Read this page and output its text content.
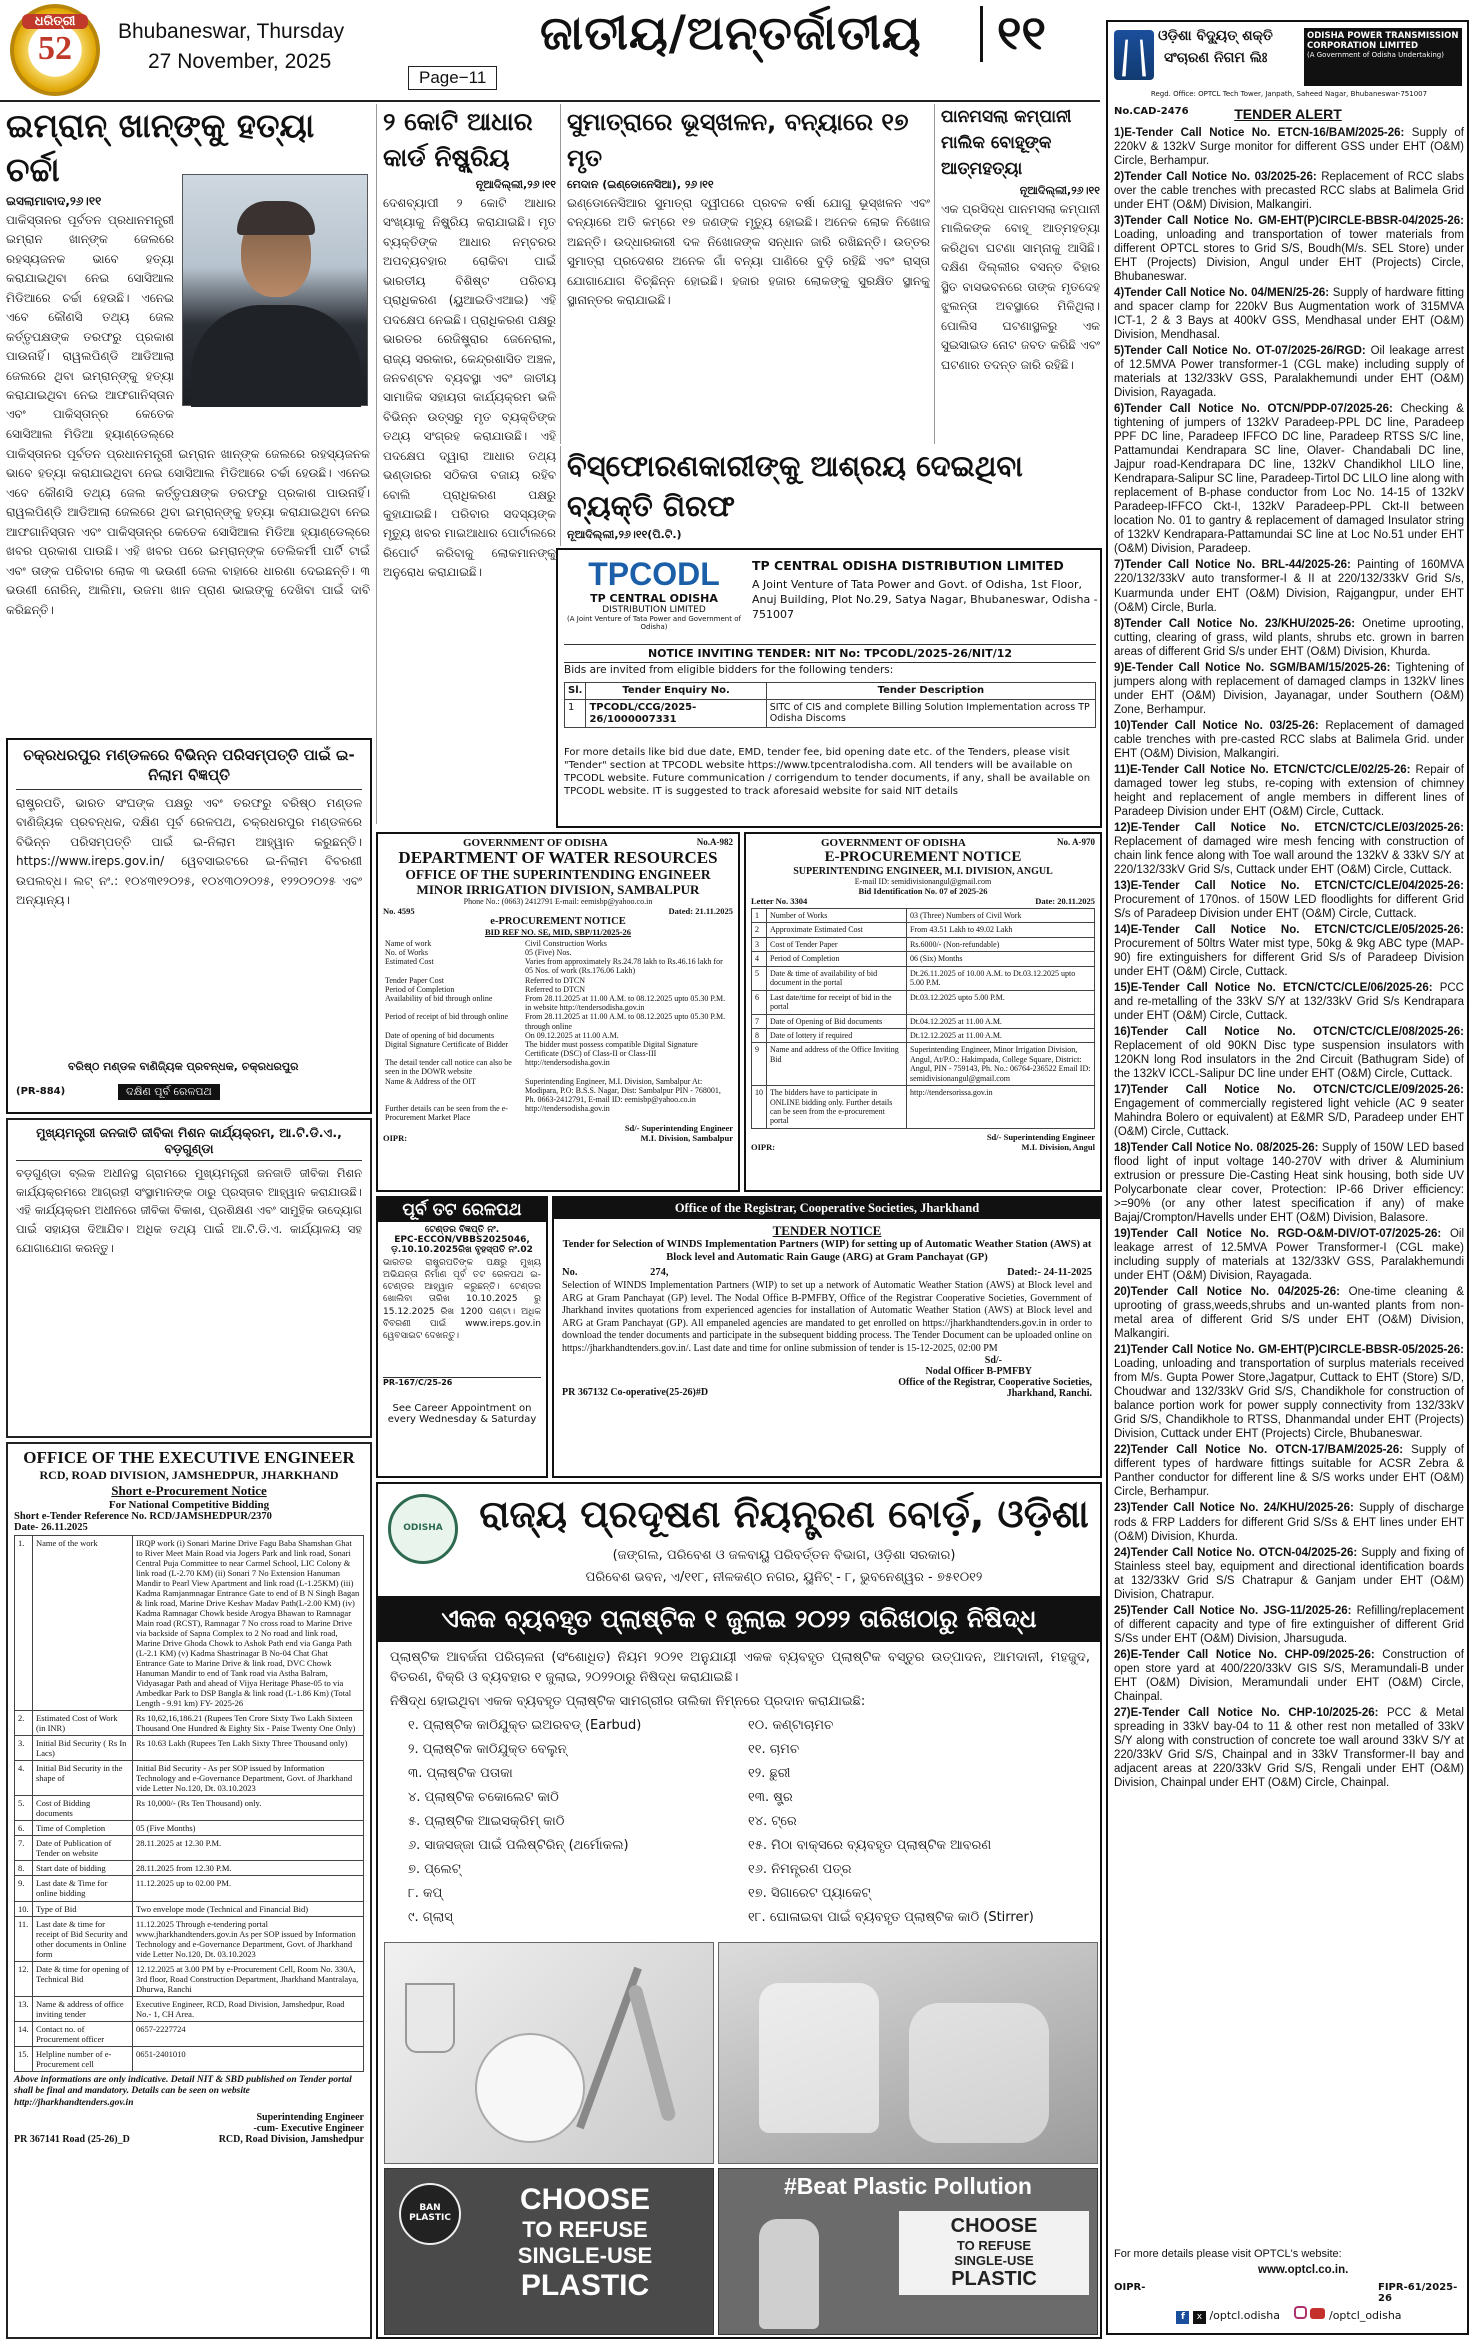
ଧରିତ୍ରୀ
52	Bhubaneswar, Thursday
27 November, 2025
Page−11
ଜାତୀୟ/ଅନ୍ତର୍ଜାତୀୟ	୧୧
ଇମ୍ରାନ୍ ଖାନ୍‌ଙ୍କୁ ହତ୍ୟା ଚର୍ଚ୍ଚା
ଇସଲାମାବାଦ,୨୬।୧୧
ପାକିସ୍ତାନର ପୂର୍ବତନ ପ୍ରଧାନମନ୍ତ୍ରୀ ଇମ୍ରାନ ଖାନ୍‌ଙ୍କ ଜେଲରେ ରହସ୍ୟଜନକ ଭାବେ ହତ୍ୟା କରାଯାଇଥିବା ନେଇ ସୋସିଆଲ ମିଡିଆରେ ଚର୍ଚ୍ଚା ହେଉଛି। ଏନେଇ ଏବେ କୌଣସି ତଥ୍ୟ ଜେଲ କର୍ତ୍ତୃପକ୍ଷଙ୍କ ତରଫରୁ ପ୍ରକାଶ ପାଉନାହିଁ। ରାୱଲପିଣ୍ଡି ଆଡିଆଲା ଜେଲରେ ଥିବା ଇମ୍ରାନ୍‌ଙ୍କୁ ହତ୍ୟା କରାଯାଇଥିବା ନେଇ ଆଫଗାନିସ୍ତାନ ଏବଂ ପାକିସ୍ତାନ୍‌ର କେତେକ ସୋସିଆଲ ମିଡିଆ ହ୍ୟାଣ୍ଡେଲ୍‌ରେ
ପାକିସ୍ତାନର ପୂର୍ବତନ ପ୍ରଧାନମନ୍ତ୍ରୀ ଇମ୍ରାନ ଖାନ୍‌ଙ୍କ ଜେଲରେ ରହସ୍ୟଜନକ ଭାବେ ହତ୍ୟା କରାଯାଇଥିବା ନେଇ ସୋସିଆଲ ମିଡିଆରେ ଚର୍ଚ୍ଚା ହେଉଛି। ଏନେଇ ଏବେ କୌଣସି ତଥ୍ୟ ଜେଲ କର୍ତ୍ତୃପକ୍ଷଙ୍କ ତରଫରୁ ପ୍ରକାଶ ପାଉନାହିଁ। ରାୱଲପିଣ୍ଡି ଆଡିଆଲା ଜେଲରେ ଥିବା ଇମ୍ରାନ୍‌ଙ୍କୁ ହତ୍ୟା କରାଯାଇଥିବା ନେଇ ଆଫଗାନିସ୍ତାନ ଏବଂ ପାକିସ୍ତାନ୍‌ର କେତେକ ସୋସିଆଲ ମିଡିଆ ହ୍ୟାଣ୍ଡେଲ୍‌ରେ ଖବର ପ୍ରକାଶ ପାଉଛି। ଏହି ଖବର ପରେ ଇମ୍ରାନ୍‌ଙ୍କ ତେଲିକର୍ମୀ ପାର୍ଟି ଟାଇଁ ଏବଂ ତାଙ୍କ ପରିବାର ଲୋକ ୩ ଭଉଣୀ ଜେଲ ବାହାରେ ଧାରଣା ଦେଇଛନ୍ତି। ୩ ଭଉଣୀ ନୋରିନ୍, ଆଲିମା, ଉଜମା ଖାନ ପ୍ରାଣ ଭାଇଙ୍କୁ ଦେଖିବା ପାଇଁ ଦାବି କରିଛନ୍ତି।
ଚକ୍ରଧରପୁର ମଣ୍ଡଳରେ ବିଭିନ୍ନ ପରିସମ୍ପତ୍ତି ପାଇଁ ଇ-ନିଲାମ ବିଜ୍ଞପ୍ତି
ରାଷ୍ଟ୍ରପତି, ଭାରତ ସଂଘଙ୍କ ପକ୍ଷରୁ ଏବଂ ତରଫରୁ ବରିଷ୍ଠ ମଣ୍ଡଳ ବାଣିଜ୍ୟିକ ପ୍ରବନ୍ଧକ, ଦକ୍ଷିଣ ପୂର୍ବ ରେଳପଥ, ଚକ୍ରଧରପୁର ମଣ୍ଡଳରେ ବିଭିନ୍ନ ପରିସମ୍ପତ୍ତି ପାଇଁ ଇ-ନିଲାମ ଆହ୍ୱାନ କରୁଛନ୍ତି। https://www.ireps.gov.in/ ୱେବସାଇଟରେ ଇ-ନିଲାମ ବିବରଣୀ ଉପଲବ୍ଧ। ଲଟ୍ ନଂ.: ୧୦୪୩୧୨୦୨୫, ୧୦୪୩୦୨୦୨୫, ୧୨୨୦୨୦୨୫ ଏବଂ ଅନ୍ୟାନ୍ୟ।
ବରିଷ୍ଠ ମଣ୍ଡଳ ବାଣିଜ୍ୟିକ ପ୍ରବନ୍ଧକ, ଚକ୍ରଧରପୁର
(PR-884)	ଦକ୍ଷିଣ ପୂର୍ବ ରେଳପଥ
ମୁଖ୍ୟମନ୍ତ୍ରୀ ଜନଜାତି ଜୀବିକା ମିଶନ କାର୍ଯ୍ୟକ୍ରମ, ଆ.ଟି.ଡି.ଏ., ବଡ଼ଗୁଣ୍ଡା
ବଡ଼ଗୁଣ୍ଡା ବ୍ଲକ ଅଧୀନସ୍ଥ ଗ୍ରାମରେ ମୁଖ୍ୟମନ୍ତ୍ରୀ ଜନଜାତି ଜୀବିକା ମିଶନ କାର୍ଯ୍ୟକ୍ରମରେ ଆଗ୍ରହୀ ସଂସ୍ଥାମାନଙ୍କ ଠାରୁ ପ୍ରସ୍ତାବ ଆହ୍ୱାନ କରାଯାଉଛି। ଏହି କାର୍ଯ୍ୟକ୍ରମ ଅଧୀନରେ ଜୀବିକା ବିକାଶ, ପ୍ରଶିକ୍ଷଣ ଏବଂ ସାମୁହିକ ଉଦ୍ୟୋଗ ପାଇଁ ସହାୟତା ଦିଆଯିବ। ଅଧିକ ତଥ୍ୟ ପାଇଁ ଆ.ଟି.ଡି.ଏ. କାର୍ଯ୍ୟାଳୟ ସହ ଯୋଗାଯୋଗ କରନ୍ତୁ।
OFFICE OF THE EXECUTIVE ENGINEER
RCD, ROAD DIVISION, JAMSHEDPUR, JHARKHAND
Short e-Procurement Notice
For National Competitive Bidding
Short e-Tender Reference No. RCD/JAMSHEDPUR/2370
Date- 26.11.2025
1.	Name of the work	IRQP work (i) Sonari Marine Drive Fagu Baba Shamshan Ghat to River Meet Main Road via Jogers Park and link road, Sonari Central Puja Committee to near Carmel School, LIC Colony & link road (L-2.70 KM) (ii) Sonari 7 No Extension Hanuman Mandir to Pearl View Apartment and link road (L-1.25KM) (iii) Kadma Ramjanmnagar Entrance Gate to end of B N Singh Bagan & link road, Marine Drive Keshav Madav Path(L-2.00 KM) (iv) Kadma Ramnagar Chowk beside Arogya Bhawan to Ramnagar Main road (RCST), Ramnagar 7 No cross road to Marine Drive via backside of Sapna Complex to 2 No road and link road, Marine Drive Ghoda Chowk to Ashok Path end via Ganga Path (L-2.1 KM) (v) Kadma Shastrinagar B No-04 Chat Ghat Entrance Gate to Marine Drive & link road, DVC Chowk Hanuman Mandir to end of Tank road via Astha Balram, Vidyasagar Path and ahead of Vijya Heritage Phase-05 to via Ambedkar Park to DSP Bangla & link road (L-1.86 Km) (Total Length - 9.91 km) FY- 2025-26
2.	Estimated Cost of Work (in INR)	Rs 10,62,16,186.21 (Rupees Ten Crore Sixty Two Lakh Sixteen Thousand One Hundred & Eighty Six - Paise Twenty One Only)
3.	Initial Bid Security ( Rs In Lacs)	Rs 10.63 Lakh (Rupees Ten Lakh Sixty Three Thousand only)
4.	Initial Bid Security in the shape of	Initial Bid Security - As per SOP issued by Information Technology and e-Governance Department, Govt. of Jharkhand vide Letter No.120, Dt. 03.10.2023
5.	Cost of Bidding documents	Rs 10,000/- (Rs Ten Thousand) only.
6.	Time of Completion	05 (Five Months)
7.	Date of Publication of Tender on website	28.11.2025 at 12.30 P.M.
8.	Start date of bidding	28.11.2025 from 12.30 P.M.
9.	Last date & Time for online bidding	11.12.2025 up to 02.00 PM.
10.	Type of Bid	Two envelope mode (Technical and Financial Bid)
11.	Last date & time for receipt of Bid Security and other documents in Online form	11.12.2025 Through e-tendering portal www.jharkhandtenders.gov.in As per SOP issued by Information Technology and e-Governance Department, Govt. of Jharkhand vide Letter No.120, Dt. 03.10.2023
12.	Date & time for opening of Technical Bid	12.12.2025 at 3.00 PM by e-Procurement Cell, Room No. 330A, 3rd floor, Road Construction Department, Jharkhand Mantralaya, Dhurwa, Ranchi
13.	Name & address of office inviting tender	Executive Engineer, RCD, Road Division, Jamshedpur, Road No.- 1, CH Area.
14.	Contact no. of Procurement officer	0657-2227724
15.	Helpline number of e-Procurement cell	0651-2401010
Above informations are only indicative. Detail NIT & SBD published on Tender portal shall be final and mandatory. Details can be seen on website http://jharkhandtenders.gov.in
Superintending Engineer
-cum- Executive Engineer
PR 367141 Road (25-26)_D	RCD, Road Division, Jamshedpur
୨ କୋଟି ଆଧାର କାର୍ଡ ନିଷ୍କ୍ରିୟ
ନୂଆଦିଲ୍ଲୀ,୨୬।୧୧
ଦେଶବ୍ୟାପୀ ୨ କୋଟି ଆଧାର ସଂଖ୍ୟାକୁ ନିଷ୍କ୍ରିୟ କରାଯାଇଛି। ମୃତ ବ୍ୟକ୍ତିଙ୍କ ଆଧାର ନମ୍ବରର ଅପବ୍ୟବହାର ରୋକିବା ପାଇଁ ଭାରତୀୟ ବିଶିଷ୍ଟ ପରିଚୟ ପ୍ରାଧିକରଣ (ୟୁଆଇଡିଏଆଇ) ଏହି ପଦକ୍ଷେପ ନେଇଛି। ପ୍ରାଧିକରଣ ପକ୍ଷରୁ ଭାରତର ରେଜିଷ୍ଟ୍ରାର ଜେନେରାଲ, ରାଜ୍ୟ ସରକାର, କେନ୍ଦ୍ରଶାସିତ ଅଞ୍ଚଳ, ଜନବଣ୍ଟନ ବ୍ୟବସ୍ଥା ଏବଂ ଜାତୀୟ ସାମାଜିକ ସହାୟତା କାର୍ଯ୍ୟକ୍ରମ ଭଳି ବିଭିନ୍ନ ଉତ୍ସରୁ ମୃତ ବ୍ୟକ୍ତିଙ୍କ ତଥ୍ୟ ସଂଗ୍ରହ କରାଯାଉଛି। ଏହି ପଦକ୍ଷେପ ଦ୍ୱାରା ଆଧାର ତଥ୍ୟ ଭଣ୍ଡାରର ସଠିକତା ବଜାୟ ରହିବ ବୋଲି ପ୍ରାଧିକରଣ ପକ୍ଷରୁ କୁହାଯାଇଛି। ପରିବାର ସଦସ୍ୟଙ୍କ ମୃତ୍ୟୁ ଖବର ମାଇଆଧାର ପୋର୍ଟାଲରେ ରିପୋର୍ଟ କରିବାକୁ ଲୋକମାନଙ୍କୁ ଅନୁରୋଧ କରାଯାଇଛି।
ସୁମାତ୍ରାରେ ଭୂସ୍ଖଳନ, ବନ୍ୟାରେ ୧୭ ମୃତ
ମେଦାନ (ଇଣ୍ଡୋନେସିଆ), ୨୬।୧୧
ଇଣ୍ଡୋନେସିଆର ସୁମାତ୍ରା ଦ୍ୱୀପରେ ପ୍ରବଳ ବର୍ଷା ଯୋଗୁ ଭୂସ୍ଖଳନ ଏବଂ ବନ୍ୟାରେ ଅତି କମ୍‌ରେ ୧୭ ଜଣଙ୍କ ମୃତ୍ୟୁ ହୋଇଛି। ଅନେକ ଲୋକ ନିଖୋଜ ଅଛନ୍ତି। ଉଦ୍ଧାରକାରୀ ଦଳ ନିଖୋଜଙ୍କ ସନ୍ଧାନ ଜାରି ରଖିଛନ୍ତି। ଉତ୍ତର ସୁମାତ୍ରା ପ୍ରଦେଶର ଅନେକ ଗାଁ ବନ୍ୟା ପାଣିରେ ବୁଡ଼ି ରହିଛି ଏବଂ ରାସ୍ତା ଯୋଗାଯୋଗ ବିଚ୍ଛିନ୍ନ ହୋଇଛି। ହଜାର ହଜାର ଲୋକଙ୍କୁ ସୁରକ୍ଷିତ ସ୍ଥାନକୁ ସ୍ଥାନାନ୍ତର କରାଯାଇଛି।
ପାନମସଲା କମ୍ପାନୀ ମାଲିକ ବୋହୂଙ୍କ ଆତ୍ମହତ୍ୟା
ନୂଆଦିଲ୍ଲୀ,୨୬।୧୧
ଏକ ପ୍ରସିଦ୍ଧ ପାନମସଲା କମ୍ପାନୀ ମାଲିକଙ୍କ ବୋହୂ ଆତ୍ମହତ୍ୟା କରିଥିବା ଘଟଣା ସାମ୍ନାକୁ ଆସିଛି। ଦକ୍ଷିଣ ଦିଲ୍ଲୀର ବସନ୍ତ ବିହାର ସ୍ଥିତ ବାସଭବନରେ ତାଙ୍କ ମୃତଦେହ ଝୁଲନ୍ତା ଅବସ୍ଥାରେ ମିଳିଥିଲା। ପୋଲିସ ଘଟଣାସ୍ଥଳରୁ ଏକ ସୁଇସାଇଡ ନୋଟ ଜବତ କରିଛି ଏବଂ ଘଟଣାର ତଦନ୍ତ ଜାରି ରହିଛି।
ବିସ୍ଫୋରଣକାରୀଙ୍କୁ ଆଶ୍ରୟ ଦେଇଥିବା ବ୍ୟକ୍ତି ଗିରଫ
ନୂଆଦିଲ୍ଲୀ,୨୬।୧୧(ପି.ଟି.)
TPCODL
TP CENTRAL ODISHA
DISTRIBUTION LIMITED
(A Joint Venture of Tata Power and Government of Odisha)
TP CENTRAL ODISHA DISTRIBUTION LIMITED
A Joint Venture of Tata Power and Govt. of Odisha, 1st Floor, Anuj Building, Plot No.29, Satya Nagar, Bhubaneswar, Odisha - 751007
NOTICE INVITING TENDER: NIT No: TPCODL/2025-26/NIT/12
Bids are invited from eligible bidders for the following tenders:
Sl.	Tender Enquiry No.	Tender Description
1	TPCODL/CCG/2025-26/1000007331	SITC of CIS and complete Billing Solution Implementation across TP Odisha Discoms
For more details like bid due date, EMD, tender fee, bid opening date etc. of the Tenders, please visit "Tender" section at TPCODL website https://www.tpcentralodisha.com. All tenders will be available on TPCODL website. Future communication / corrigendum to tender documents, if any, shall be available on TPCODL website. IT is suggested to track aforesaid website for said NIT details
GOVERNMENT OF ODISHA	No.A-982
DEPARTMENT OF WATER RESOURCES
OFFICE OF THE SUPERINTENDING ENGINEER
MINOR IRRIGATION DIVISION, SAMBALPUR
Phone No.: (0663) 2412791 E-mail: eemisbp@yahoo.co.in
No. 4595	Dated: 21.11.2025
e-PROCUREMENT NOTICE
BID REF NO. SE, MID, SBP/11/2025-26
Name of work	Civil Construction Works
No. of Works	05 (Five) Nos.
Estimated Cost	Varies from approximately Rs.24.78 lakh to Rs.46.16 lakh for 05 Nos. of work (Rs.176.06 Lakh)
Tender Paper Cost	Referred to DTCN
Period of Completion	Referred to DTCN
Availability of bid through online	From 28.11.2025 at 11.00 A.M. to 08.12.2025 upto 05.30 P.M. in website http://tendersodisha.gov.in
Period of receipt of bid through online	From 28.11.2025 at 11.00 A.M. to 08.12.2025 upto 05.30 P.M. through online
Date of opening of bid documents	On 09.12.2025 at 11.00 A.M.
Digital Signature Certificate of Bidder	The bidder must possess compatible Digital Signature Certificate (DSC) of Class-II or Class-III
The detail tender call notice can also be seen in the DOWR website	http://tendersodisha.gov.in
Name & Address of the OIT	Superintending Engineer, M.I. Division, Sambalpur At: Modipara, P.O: B.S.S. Nagar, Dist: Sambalpur PIN - 768001, Ph. 0663-2412791, E-mail ID: eemisbp@yahoo.co.in
Further details can be seen from the e-Procurement Market Place	http://tendersodisha.gov.in
Sd/- Superintending Engineer
OIPR:	M.I. Division, Sambalpur
GOVERNMENT OF ODISHA	No. A-970
E-PROCUREMENT NOTICE
SUPERINTENDING ENGINEER, M.I. DIVISION, ANGUL
E-mail ID: semidivisionangul@gmail.com
Bid Identification No. 07 of 2025-26
Letter No. 3304	Date: 20.11.2025
1	Number of Works	03 (Three) Numbers of Civil Work
2	Approximate Estimated Cost	From 43.51 Lakh to 49.02 Lakh
3	Cost of Tender Paper	Rs.6000/- (Non-refundable)
4	Period of Completion	06 (Six) Months
5	Date & time of availability of bid document in the portal	Dt.26.11.2025 of 10.00 A.M. to Dt.03.12.2025 upto 5.00 P.M.
6	Last date/time for receipt of bid in the portal	Dt.03.12.2025 upto 5.00 P.M.
7	Date of Opening of Bid documents	Dt.04.12.2025 at 11.00 A.M.
8	Date of lottery if required	Dt.12.12.2025 at 11.00 A.M.
9	Name and address of the Office Inviting Bid	Superintending Engineer, Minor Irrigation Division, Angul, At/P.O.: Hakimpada, College Square, District: Angul, PIN - 759143, Ph. No.: 06764-236522 Email ID: semidivisionangul@gmail.com
10	The bidders have to participate in ONLINE bidding only. Further details can be seen from the e-procurement portal	http://tendersorissa.gov.in
Sd/- Superintending Engineer
OIPR:	M.I. Division, Angul
ପୂର୍ବ ତଟ ରେଳପଥ
ଟେଣ୍ଡର ବିଜ୍ଞପ୍ତି ନଂ.
EPC-ECCON/VBBS2025046,
ଡ଼.10.10.2025ରିଖ ବୃହସ୍ପତି ନଂ.02
ଭାରତର ରାଷ୍ଟ୍ରପତିଙ୍କ ପକ୍ଷରୁ ମୁଖ୍ୟ ଅଭିଯନ୍ତା ନିର୍ମାଣ ପୂର୍ବ ତଟ ରେଳପଥ ଇ-ଟେଣ୍ଡର ଆହ୍ୱାନ କରୁଛନ୍ତି। ଟେଣ୍ଡର ଖୋଲିବା ତାରିଖ 10.10.2025 ରୁ 15.12.2025 ରିଖ 1200 ଘଣ୍ଟା। ଅଧିକ ବିବରଣୀ ପାଇଁ www.ireps.gov.in ୱେବସାଇଟ ଦେଖନ୍ତୁ।
PR-167/C/25-26
See Career Appointment on every Wednesday & Saturday
Office of the Registrar, Cooperative Societies, Jharkhand
TENDER NOTICE
Tender for Selection of WINDS Implementation Partners (WIP) for setting up of Automatic Weather Station (AWS) at Block level and Automatic Rain Gauge (ARG) at Gram Panchayat (GP)
No.	274,	Dated:- 24-11-2025
Selection of WINDS Implementation Partners (WIP) to set up a network of Automatic Weather Station (AWS) at Block level and ARG at Gram Panchayat (GP) level. The Nodal Office B-PMFBY, Office of the Registrar Cooperative Societies, Government of Jharkhand invites quotations from experienced agencies for installation of Automatic Weather Station (AWS) at Block level and ARG at Gram Panchayat (GP). All empaneled agencies are mandated to get enrolled on https://jharkhandtenders.gov.in in order to download the tender documents and participate in the subsequent bidding process. The Tender Document can be uploaded online on https://jharkhandtenders.gov.in/. Last date and time for online submission of tender is 15-12-2025, 02:00 PM
Sd/-
Nodal Officer B-PMFBY
PR 367132 Co-operative(25-26)#D
Office of the Registrar, Cooperative Societies,
Jharkhand, Ranchi.
ODISHA ରାଜ୍ୟ ପ୍ରଦୂଷଣ ନିୟନ୍ତ୍ରଣ ବୋର୍ଡ଼, ଓଡ଼ିଶା
(ଜଙ୍ଗଲ, ପରିବେଶ ଓ ଜଳବାୟୁ ପରିବର୍ତ୍ତନ ବିଭାଗ, ଓଡ଼ିଶା ସରକାର)
ପରିବେଶ ଭବନ, ଏ/୧୧୮, ନୀଳକଣ୍ଠ ନଗର, ୟୁନିଟ୍ - ୮, ଭୁବନେଶ୍ୱର - ୭୫୧୦୧୨
ଏକକ ବ୍ୟବହୃତ ପ୍ଲାଷ୍ଟିକ ୧ ଜୁଲାଇ ୨୦୨୨ ତାରିଖଠାରୁ ନିଷିଦ୍ଧ
ପ୍ଲାଷ୍ଟିକ ଆବର୍ଜନା ପରିଚାଳନା (ସଂଶୋଧିତ) ନିୟମ ୨୦୨୧ ଅନୁଯାୟୀ ଏକକ ବ୍ୟବହୃତ ପ୍ଲାଷ୍ଟିକ ବସ୍ତୁର ଉତ୍ପାଦନ, ଆମଦାନୀ, ମହଜୁଦ, ବିତରଣ, ବିକ୍ରି ଓ ବ୍ୟବହାର ୧ ଜୁଲାଇ, ୨୦୨୨ଠାରୁ ନିଷିଦ୍ଧ କରାଯାଇଛି।
ନିଷିଦ୍ଧ ହୋଇଥିବା ଏକକ ବ୍ୟବହୃତ ପ୍ଲାଷ୍ଟିକ ସାମଗ୍ରୀର ତାଲିକା ନିମ୍ନରେ ପ୍ରଦାନ କରାଯାଇଛି:
୧. ପ୍ଲାଷ୍ଟିକ କାଠିଯୁକ୍ତ ଇଅରବଡ୍ (Earbud)
୨. ପ୍ଲାଷ୍ଟିକ କାଠିଯୁକ୍ତ ବେଲୁନ୍
୩. ପ୍ଲାଷ୍ଟିକ ପତାକା
୪. ପ୍ଲାଷ୍ଟିକ ଚକୋଲେଟ କାଠି
୫. ପ୍ଲାଷ୍ଟିକ ଆଇସକ୍ରିମ୍ କାଠି
୬. ସାଜସଜ୍ଜା ପାଇଁ ପଲିଷ୍ଟିରିନ୍ (ଥର୍ମୋକଲ)
୭. ପ୍ଲେଟ୍
୮. କପ୍
୯. ଗ୍ଲାସ୍
୧୦. କଣ୍ଟାଚାମଚ
୧୧. ଚାମଚ
୧୨. ଛୁରୀ
୧୩. ଷ୍ଟ୍ର
୧୪. ଟ୍ରେ
୧୫. ମିଠା ବାକ୍ସରେ ବ୍ୟବହୃତ ପ୍ଲାଷ୍ଟିକ ଆବରଣ
୧୬. ନିମନ୍ତ୍ରଣ ପତ୍ର
୧୭. ସିଗାରେଟ ପ୍ୟାକେଟ୍
୧୮. ଘୋଳାଇବା ପାଇଁ ବ୍ୟବହୃତ ପ୍ଲାଷ୍ଟିକ କାଠି (Stirrer)
BAN PLASTIC
CHOOSE
TO REFUSE
SINGLE-USE
PLASTIC
#Beat Plastic Pollution
CHOOSE
TO REFUSE
SINGLE-USE
PLASTIC
ଓଡ଼ିଶା ବିଦ୍ୟୁତ୍ ଶକ୍ତି
ସଂଚାରଣ ନିଗମ ଲିଃ
ODISHA POWER TRANSMISSION
CORPORATION LIMITED
(A Government of Odisha Undertaking)
Regd. Office: OPTCL Tech Tower, Janpath, Saheed Nagar, Bhubaneswar-751007
No.CAD-2476	TENDER ALERT
1)E-Tender Call Notice No. ETCN-16/BAM/2025-26: Supply of 220kV & 132kV Surge monitor for different GSS under EHT (O&M) Circle, Berhampur.
2)Tender Call Notice No. 03/2025-26: Replacement of RCC slabs over the cable trenches with precasted RCC slabs at Balimela Grid under EHT (O&M) Division, Malkangiri.
3)Tender Call Notice No. GM-EHT(P)CIRCLE-BBSR-04/2025-26: Loading, unloading and transportation of tower materials from different OPTCL stores to Grid S/S, Boudh(M/s. SEL Store) under EHT (Projects) Division, Angul under EHT (Projects) Circle, Bhubaneswar.
4)Tender Call Notice No. 04/MEN/25-26: Supply of hardware fitting and spacer clamp for 220kV Bus Augmentation work of 315MVA ICT-1, 2 & 3 Bays at 400kV GSS, Mendhasal under EHT (O&M) Division, Mendhasal.
5)Tender Call Notice No. OT-07/2025-26/RGD: Oil leakage arrest of 12.5MVA Power transformer-1 (CGL make) including supply of materials at 132/33kV GSS, Paralakhemundi under EHT (O&M) Division, Rayagada.
6)Tender Call Notice No. OTCN/PDP-07/2025-26: Checking & tightening of jumpers of 132kV Paradeep-PPL DC line, Paradeep PPF DC line, Paradeep IFFCO DC line, Paradeep RTSS S/C line, Pattamundai Kendrapara SC line, Olaver- Chandabali DC line, Jajpur road-Kendrapara DC line, 132kV Chandikhol LILO line, Kendrapara-Salipur SC line, Paradeep-Tirtol DC LILO line along with replacement of B-phase conductor from Loc No. 14-15 of 132kV Paradeep-IFFCO Ckt-I, 132kV Paradeep-PPL Ckt-II between location No. 01 to gantry & replacement of damaged Insulator string of 132kV Kendrapara-Pattamundai SC line at Loc No.51 under EHT (O&M) Division, Paradeep.
7)Tender Call Notice No. BRL-44/2025-26: Painting of 160MVA 220/132/33kV auto transformer-I & II at 220/132/33kV Grid S/s, Kuarmunda under EHT (O&M) Division, Rajgangpur, under EHT (O&M) Circle, Burla.
8)Tender Call Notice No. 23/KHU/2025-26: Onetime uprooting, cutting, clearing of grass, wild plants, shrubs etc. grown in barren areas of different Grid S/s under EHT (O&M) Division, Khurda.
9)E-Tender Call Notice No. SGM/BAM/15/2025-26: Tightening of jumpers along with replacement of damaged clamps in 132kV lines under EHT (O&M) Division, Jayanagar, under Southern (O&M) Zone, Berhampur.
10)Tender Call Notice No. 03/25-26: Replacement of damaged cable trenches with pre-casted RCC slabs at Balimela Grid. under EHT (O&M) Division, Malkangiri.
11)E-Tender Call Notice No. ETCN/CTC/CLE/02/25-26: Repair of damaged tower leg stubs, re-coping with extension of chimney height and replacement of angle members in different lines of Paradeep Division under EHT (O&M) Circle, Cuttack.
12)E-Tender Call Notice No. ETCN/CTC/CLE/03/2025-26: Replacement of damaged wire mesh fencing with construction of chain link fence along with Toe wall around the 132kV & 33kV S/Y at 220/132/33kV Grid S/s, Cuttack under EHT (O&M) Circle, Cuttack.
13)E-Tender Call Notice No. ETCN/CTC/CLE/04/2025-26: Procurement of 170nos. of 150W LED floodlights for different Grid S/s of Paradeep Division under EHT (O&M) Circle, Cuttack.
14)E-Tender Call Notice No. ETCN/CTC/CLE/05/2025-26: Procurement of 50ltrs Water mist type, 50kg & 9kg ABC type (MAP-90) fire extinguishers for different Grid S/s of Paradeep Division under EHT (O&M) Circle, Cuttack.
15)E-Tender Call Notice No. ETCN/CTC/CLE/06/2025-26: PCC and re-metalling of the 33kV S/Y at 132/33kV Grid S/s Kendrapara under EHT (O&M) Circle, Cuttack.
16)Tender Call Notice No. OTCN/CTC/CLE/08/2025-26: Replacement of old 90KN Disc type suspension insulators with 120KN long Rod insulators in the 2nd Circuit (Bathugram Side) of the 132kV ICCL-Salipur DC line under EHT (O&M) Circle, Cuttack.
17)Tender Call Notice No. OTCN/CTC/CLE/09/2025-26: Engagement of commercially registered light vehicle (AC 9 seater Mahindra Bolero or equivalent) at E&MR S/D, Paradeep under EHT (O&M) Circle, Cuttack.
18)Tender Call Notice No. 08/2025-26: Supply of 150W LED based flood light of input voltage 140-270V with driver & Aluminium extrusion or pressure Die-Casting Heat sink housing, both side UV Polycarbonate clear cover, Protection: IP-66 Driver efficiency: >=90% (or any other latest specification if any) of make Bajaj/Crompton/Havells under EHT (O&M) Division, Balasore.
19)Tender Call Notice No. RGD-O&M-DIV/OT-07/2025-26: Oil leakage arrest of 12.5MVA Power Transformer-I (CGL make) including supply of materials at 132/33kV GSS, Paralakhemundi under EHT (O&M) Division, Rayagada.
20)Tender Call Notice No. 04/2025-26: One-time cleaning & uprooting of grass,weeds,shrubs and un-wanted plants from non-metal area of different Grid S/S under EHT (O&M) Division, Malkangiri.
21)Tender Call Notice No. GM-EHT(P)CIRCLE-BBSR-05/2025-26: Loading, unloading and transportation of surplus materials received from M/s. Gupta Power Store,Jagatpur, Cuttack to EHT (Store) S/D, Choudwar and 132/33kV Grid S/S, Chandikhole for construction of balance portion work for power supply connectivity from 132/33kV Grid S/S, Chandikhole to RTSS, Dhanmandal under EHT (Projects) Division, Cuttack under EHT (Projects) Circle, Bhubaneswar.
22)Tender Call Notice No. OTCN-17/BAM/2025-26: Supply of different types of hardware fittings suitable for ACSR Zebra & Panther conductor for different line & S/S works under EHT (O&M) Circle, Berhampur.
23)Tender Call Notice No. 24/KHU/2025-26: Supply of discharge rods & FRP Ladders for different Grid S/Ss & EHT lines under EHT (O&M) Division, Khurda.
24)Tender Call Notice No. OTCN-04/2025-26: Supply and fixing of Stainless steel bay, equipment and directional identification boards at 132/33kV Grid S/S Chatrapur & Ganjam under EHT (O&M) Division, Chatrapur.
25)Tender Call Notice No. JSG-11/2025-26: Refilling/replacement of different capacity and type of fire extinguisher of different Grid S/Ss under EHT (O&M) Division, Jharsuguda.
26)E-Tender Call Notice No. CHP-09/2025-26: Construction of open store yard at 400/220/33kV GIS S/S, Meramundali-B under EHT (O&M) Division, Meramundali under EHT (O&M) Circle, Chainpal.
27)E-Tender Call Notice No. CHP-10/2025-26: PCC & Metal spreading in 33kV bay-04 to 11 & other rest non metalled of 33kV S/Y along with construction of concrete toe wall around 33kV S/Y at 220/33kV Grid S/S, Chainpal and in 33kV Transformer-II bay and adjacent areas at 220/33kV Grid S/S, Rengali under EHT (O&M) Division, Chainpal under EHT (O&M) Circle, Chainpal.
For more details please visit OPTCL's website:
www.optcl.co.in.
OIPR-	FIPR-61/2025-26
f x /optcl.odisha	/optcl_odisha
